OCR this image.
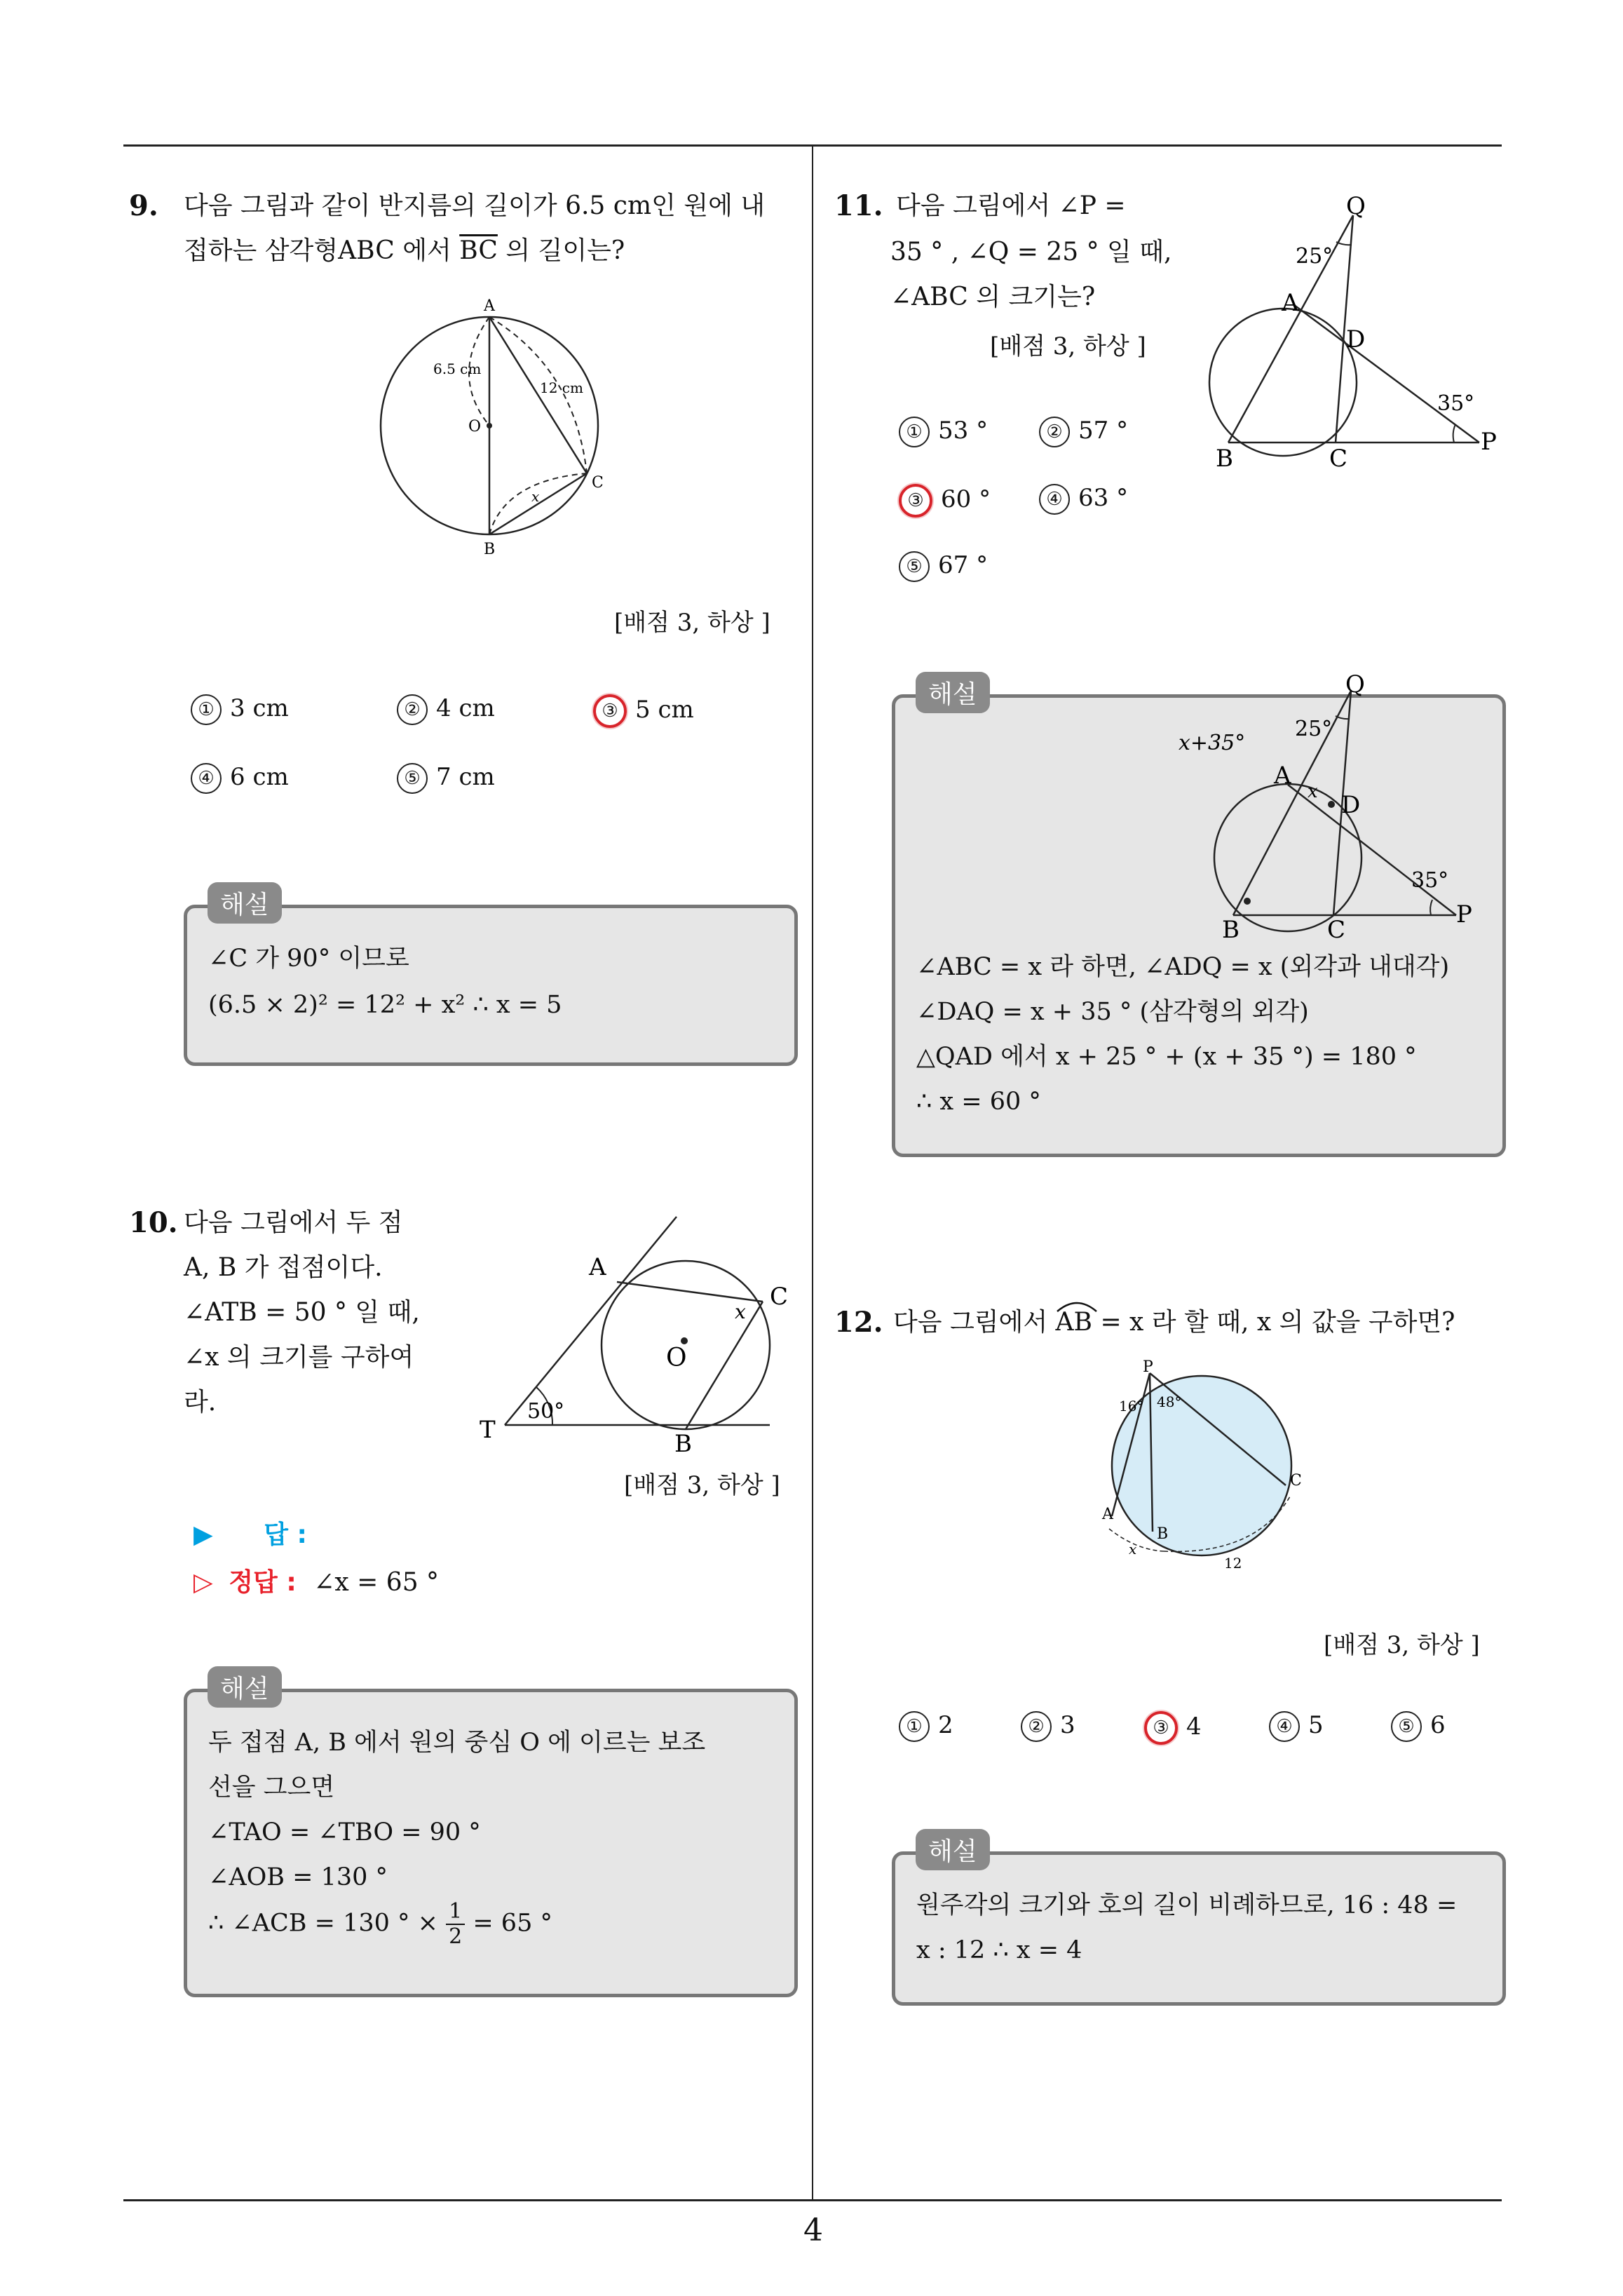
4
9. 다음 그림과 같이 반지름의 길이가 6.5 cm인 원에 내
접하는 삼각형ABC 에서 $\overline{BC}$ 의 길이는?
A
B
C
O
6.5 cm
12 cm
x
[배점 3, 하상 ]
① 3 cm	② 4 cm	③ 5 cm
④ 6 cm	⑤ 7 cm
∠C 가 90° 이므로
(6.5 × 2)² = 12² + x² ∴ x = 5
해설
10. 다음 그림에서 두 점
A, B 가 접점이다.
∠ATB = 50 ° 일 때,
∠x 의 크기를 구하여
라.
A
C
O
T	B
50°
x
[배점 3, 하상 ]
▶ 답 :
▷ 정답 : ∠x = 65 °
두 접점 A, B 에서 원의 중심 O 에 이르는 보조
선을 그으면
∠TAO = ∠TBO = 90 °
∠AOB = 130 °
∴ ∠ACB = 130 ° × $\frac{1}{2} = 65$ °
해설
11. 다음 그림에서 ∠P =
35 ° , ∠Q = 25 ° 일 때,
∠ABC 의 크기는?
[배점 3, 하상 ]
Q
A
D
B	C
P
25°
35°
① 53 °	② 57 °
③ 60 °	④ 63 °
⑤ 67 °
Q
A
D
B	C
P
25°
35°
x+35°
x
∠ABC = x 라 하면, ∠ADQ = x (외각과 내대각)
∠DAQ = x + 35 ° (삼각형의 외각)
△QAD 에서 x + 25 ° + (x + 35 °) = 180 °
∴ x = 60 °
해설
12. 다음 그림에서
AB = x 라 할 때, x 의 값을 구하면?
P
A
B
C
16° 48°
x
12
[배점 3, 하상 ]
① 2	② 3	③ 4	④ 5	⑤ 6
원주각의 크기와 호의 길이 비례하므로, 16 : 48 =
x : 12 ∴ x = 4
해설
